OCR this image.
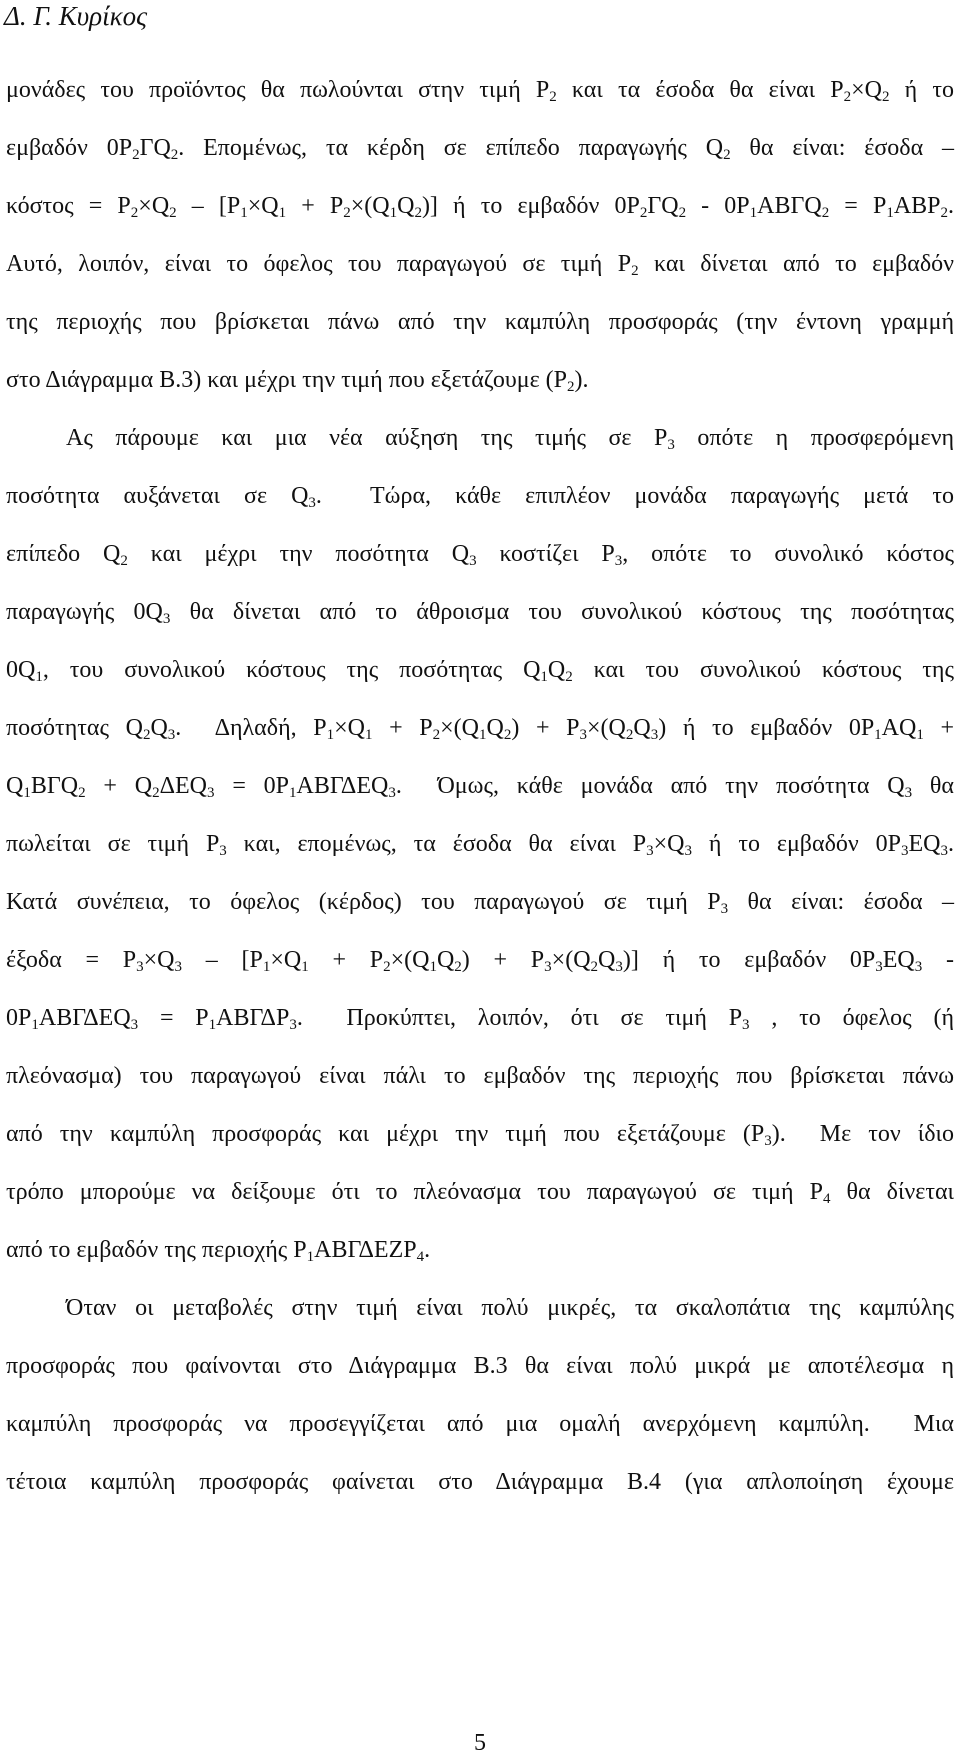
Δ. Γ. Κυρίκος
μονάδες του προϊόντος θα πωλούνται στην τιμή $P_2$ και τα έσοδα θα είναι $P_2\times Q_2$ ή το
εμβαδόν $0P_2\Gamma Q_2$. Επομένως, τα κέρδη σε επίπεδο παραγωγής $Q_2$ θα είναι: έσοδα –
$\kappa ό\sigma\tau o\varsigma = P_2\times Q_2 - [P_1\times Q_1 + P_2\times(Q_1Q_2)]$ ή το εμβαδόν $0P_2\Gamma Q_2 - 0P_1AB\Gamma Q_2 = P_1ABP_2$.
Αυτό, λοιπόν, είναι το όφελος του παραγωγού σε τιμή $P_2$ και δίνεται από το εμβαδόν
της περιοχής που βρίσκεται πάνω από την καμπύλη προσφοράς (την έντονη γραμμή
στο Διάγραμμα Β.3) και μέχρι την τιμή που εξετάζουμε $(P_2)$.
Ας πάρουμε και μια νέα αύξηση της τιμής σε $P_3$ οπότε η προσφερόμενη
ποσότητα αυξάνεται σε $Q_3$.  Τώρα, κάθε επιπλέον μονάδα παραγωγής μετά το
επίπεδο $Q_2$ και μέχρι την ποσότητα $Q_3$ κοστίζει $P_3$, οπότε το συνολικό κόστος
παραγωγής $0Q_3$ θα δίνεται από το άθροισμα του συνολικού κόστους της ποσότητας
$0Q_1$, του συνολικού κόστους της ποσότητας $Q_1Q_2$ και του συνολικού κόστους της
ποσότητας $Q_2Q_3$.  Δηλαδή, $P_1\times Q_1 + P_2\times(Q_1Q_2) + P_3\times(Q_2Q_3)$ ή το εμβαδόν $0P_1AQ_1$ +
$Q_1B\Gamma Q_2 + Q_2\Delta EQ_3 = 0P_1AB\Gamma\Delta EQ_3$.  Όμως, κάθε μονάδα από την ποσότητα $Q_3$ θα
πωλείται σε τιμή $P_3$ και, επομένως, τα έσοδα θα είναι $P_3\times Q_3$ ή το εμβαδόν $0P_3EQ_3$.
Κατά συνέπεια, το όφελος (κέρδος) του παραγωγού σε τιμή $P_3$ θα είναι: έσοδα –
$έ\xi o\delta\alpha = P_3\times Q_3 - [P_1\times Q_1 + P_2\times(Q_1Q_2) + P_3\times(Q_2Q_3)]$ ή το εμβαδόν $0P_3EQ_3$ -
$0P_1AB\Gamma\Delta EQ_3 = P_1AB\Gamma\Delta P_3$.  Προκύπτει, λοιπόν, ότι σε τιμή $P_3$ , το όφελος (ή
πλεόνασμα) του παραγωγού είναι πάλι το εμβαδόν της περιοχής που βρίσκεται πάνω
από την καμπύλη προσφοράς και μέχρι την τιμή που εξετάζουμε $(P_3)$.  Με τον ίδιο
τρόπο μπορούμε να δείξουμε ότι το πλεόνασμα του παραγωγού σε τιμή $P_4$ θα δίνεται
από το εμβαδόν της περιοχής $P_1AB\Gamma\Delta EZP_4$.
Όταν οι μεταβολές στην τιμή είναι πολύ μικρές, τα σκαλοπάτια της καμπύλης
προσφοράς που φαίνονται στο Διάγραμμα Β.3 θα είναι πολύ μικρά με αποτέλεσμα η
καμπύλη προσφοράς να προσεγγίζεται από μια ομαλή ανερχόμενη καμπύλη.  Μια
τέτοια καμπύλη προσφοράς φαίνεται στο Διάγραμμα Β.4 (για απλοποίηση έχουμε
5
